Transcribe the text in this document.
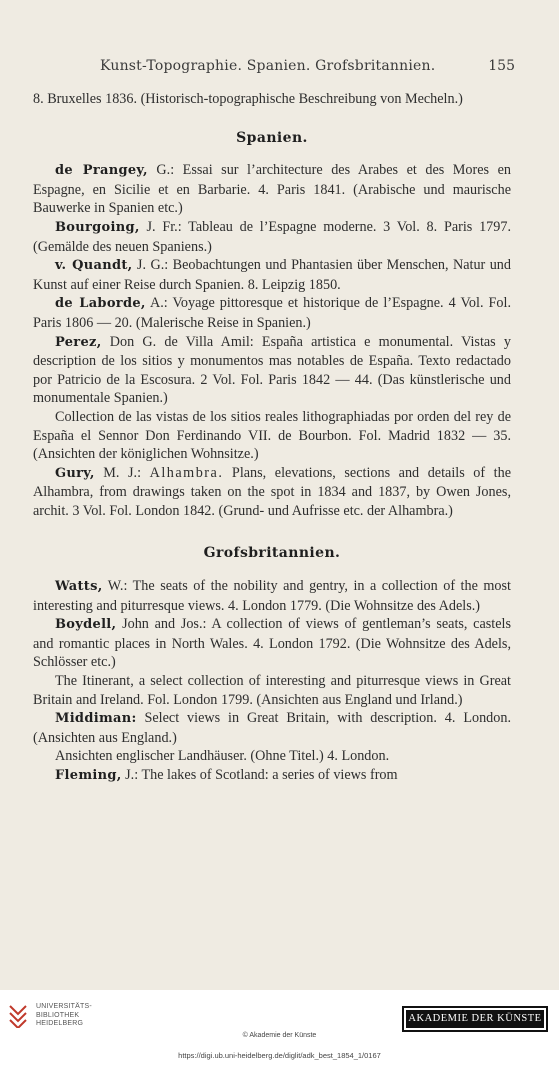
Kunst-Topographie. Spanien. Grofsbritannien.	155

8. Bruxelles 1836. (Historisch-topographische Beschreibung von Mecheln.)

Spanien.

de Prangey, G.: Essai sur l’architecture des Arabes et des Mores en Espagne, en Sicilie et en Barbarie. 4. Paris 1841. (Arabische und maurische Bauwerke in Spanien etc.)

Bourgoing, J. Fr.: Tableau de l’Espagne moderne. 3 Vol. 8. Paris 1797. (Gemälde des neuen Spaniens.)

v. Quandt, J. G.: Beobachtungen und Phantasien über Menschen, Natur und Kunst auf einer Reise durch Spanien. 8. Leipzig 1850.

de Laborde, A.: Voyage pittoresque et historique de l’Espagne. 4 Vol. Fol. Paris 1806 — 20. (Malerische Reise in Spanien.)

Perez, Don G. de Villa Amil: España artistica e monumental. Vistas y description de los sitios y monumentos mas notables de España. Texto redactado por Patricio de la Escosura. 2 Vol. Fol. Paris 1842 — 44. (Das künstlerische und monumentale Spanien.)

Collection de las vistas de los sitios reales lithographiadas por orden del rey de España el Sennor Don Ferdinando VII. de Bourbon. Fol. Madrid 1832 — 35. (Ansichten der königlichen Wohnsitze.)

Gury, M. J.: Alhambra. Plans, elevations, sections and details of the Alhambra, from drawings taken on the spot in 1834 and 1837, by Owen Jones, archit. 3 Vol. Fol. London 1842. (Grund- und Aufrisse etc. der Alhambra.)

Grofsbritannien.

Watts, W.: The seats of the nobility and gentry, in a collection of the most interesting and piturresque views. 4. London 1779. (Die Wohnsitze des Adels.)

Boydell, John and Jos.: A collection of views of gentleman’s seats, castels and romantic places in North Wales. 4. London 1792. (Die Wohnsitze des Adels, Schlösser etc.)

The Itinerant, a select collection of interesting and piturresque views in Great Britain and Ireland. Fol. London 1799. (Ansichten aus England und Irland.)

Middiman: Select views in Great Britain, with description. 4. London. (Ansichten aus England.)

Ansichten englischer Landhäuser. (Ohne Titel.) 4. London.

Fleming, J.: The lakes of Scotland: a series of views from

UNIVERSITÄTS-
BIBLIOTHEK
HEIDELBERG	AKADEMIE DER KÜNSTE
© Akademie der Künste
https://digi.ub.uni-heidelberg.de/diglit/adk_best_1854_1/0167
